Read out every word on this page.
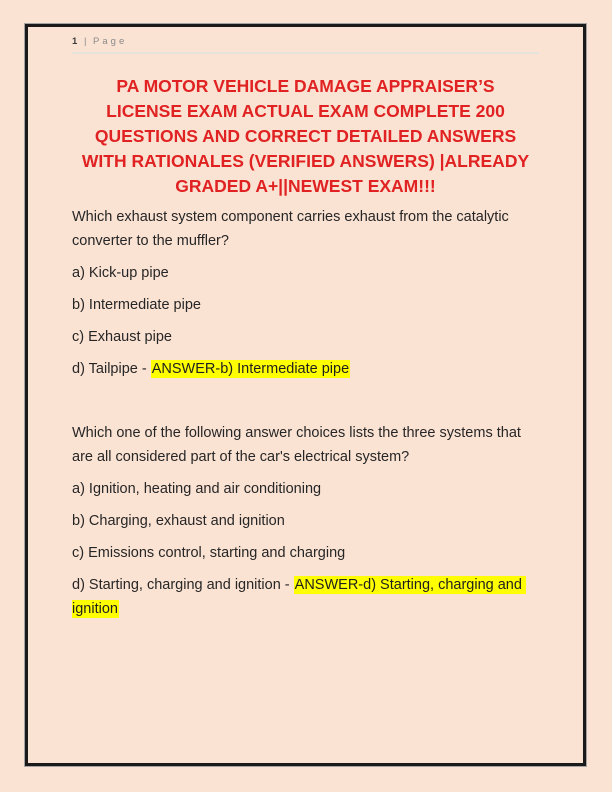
1 | Page
PA MOTOR VEHICLE DAMAGE APPRAISER’S
LICENSE EXAM ACTUAL EXAM COMPLETE 200
QUESTIONS AND CORRECT DETAILED ANSWERS
WITH RATIONALES (VERIFIED ANSWERS) |ALREADY
GRADED A+||NEWEST EXAM!!!

Which exhaust system component carries exhaust from the catalytic converter to the muffler?

a) Kick-up pipe

b) Intermediate pipe

c) Exhaust pipe

d) Tailpipe - ANSWER-b) Intermediate pipe

Which one of the following answer choices lists the three systems that are all considered part of the car's electrical system?

a) Ignition, heating and air conditioning

b) Charging, exhaust and ignition

c) Emissions control, starting and charging

d) Starting, charging and ignition - ANSWER-d) Starting, charging and ignition
